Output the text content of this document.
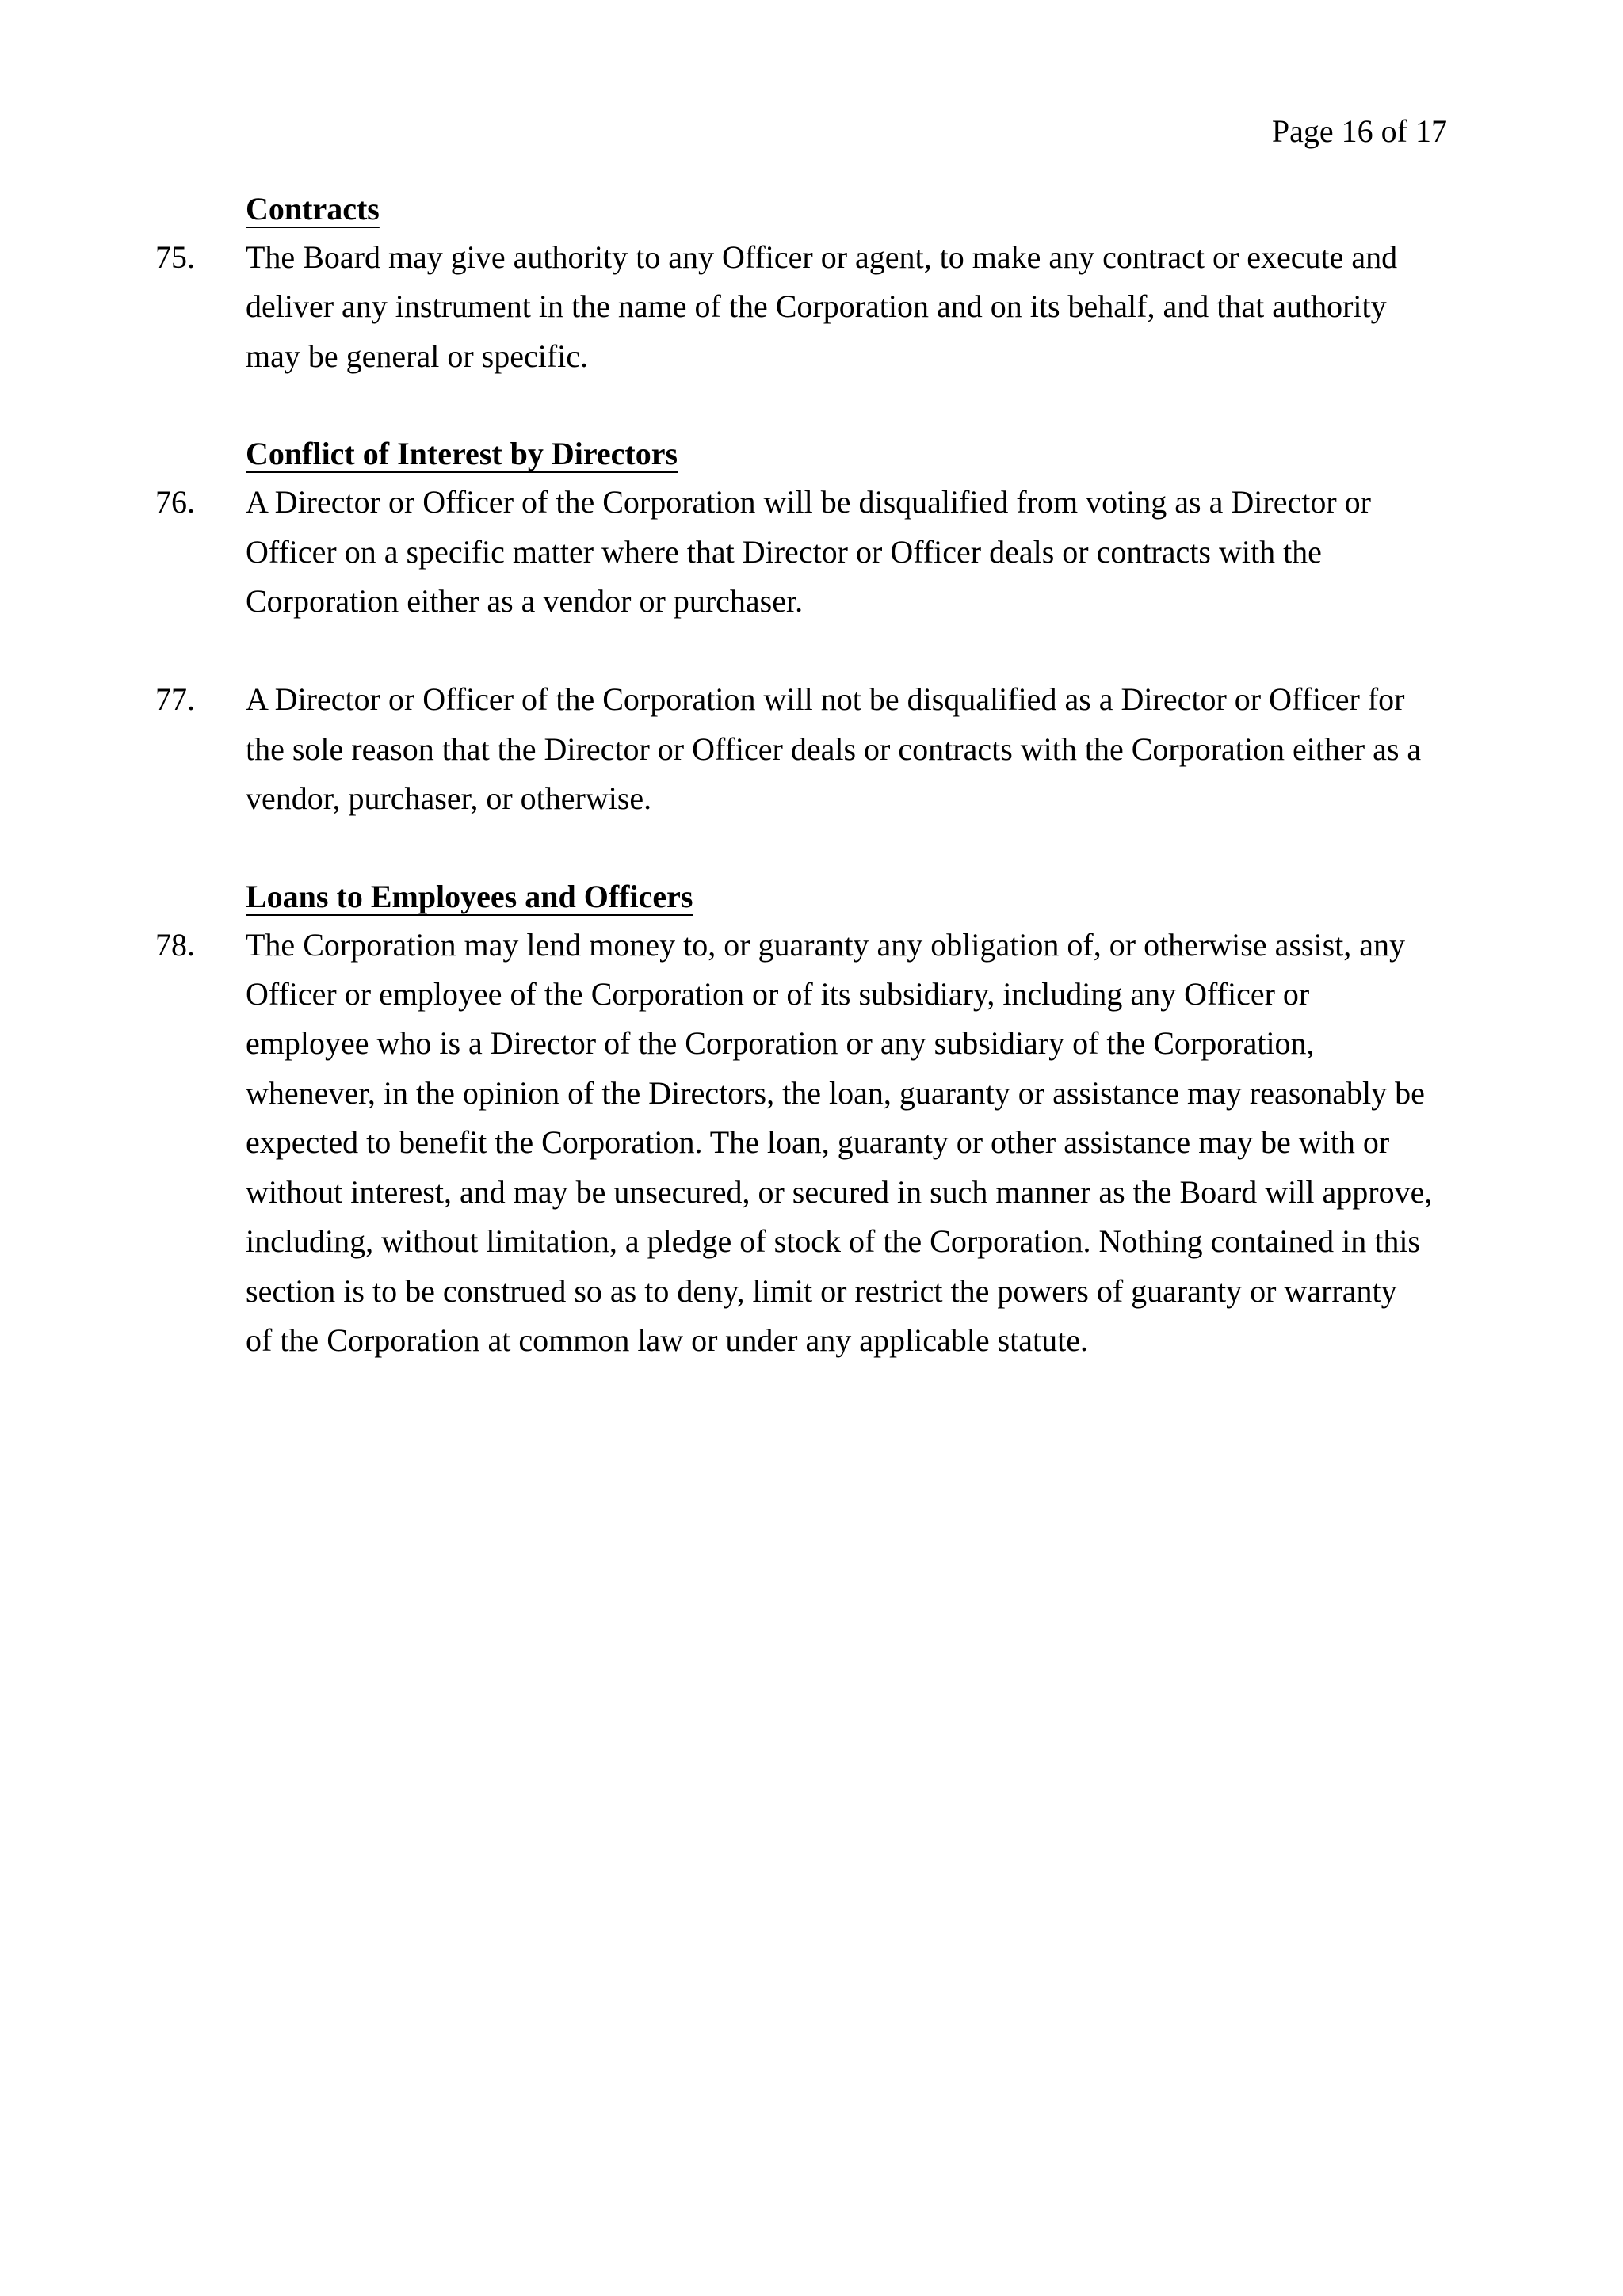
Page 16 of 17
Contracts
75.	The Board may give authority to any Officer or agent, to make any contract or execute and
deliver any instrument in the name of the Corporation and on its behalf, and that authority
may be general or specific.
Conflict of Interest by Directors
76.	A Director or Officer of the Corporation will be disqualified from voting as a Director or
Officer on a specific matter where that Director or Officer deals or contracts with the
Corporation either as a vendor or purchaser.
77.	A Director or Officer of the Corporation will not be disqualified as a Director or Officer for
the sole reason that the Director or Officer deals or contracts with the Corporation either as a
vendor, purchaser, or otherwise.
Loans to Employees and Officers
78.	The Corporation may lend money to, or guaranty any obligation of, or otherwise assist, any
Officer or employee of the Corporation or of its subsidiary, including any Officer or
employee who is a Director of the Corporation or any subsidiary of the Corporation,
whenever, in the opinion of the Directors, the loan, guaranty or assistance may reasonably be
expected to benefit the Corporation. The loan, guaranty or other assistance may be with or
without interest, and may be unsecured, or secured in such manner as the Board will approve,
including, without limitation, a pledge of stock of the Corporation. Nothing contained in this
section is to be construed so as to deny, limit or restrict the powers of guaranty or warranty
of the Corporation at common law or under any applicable statute.
